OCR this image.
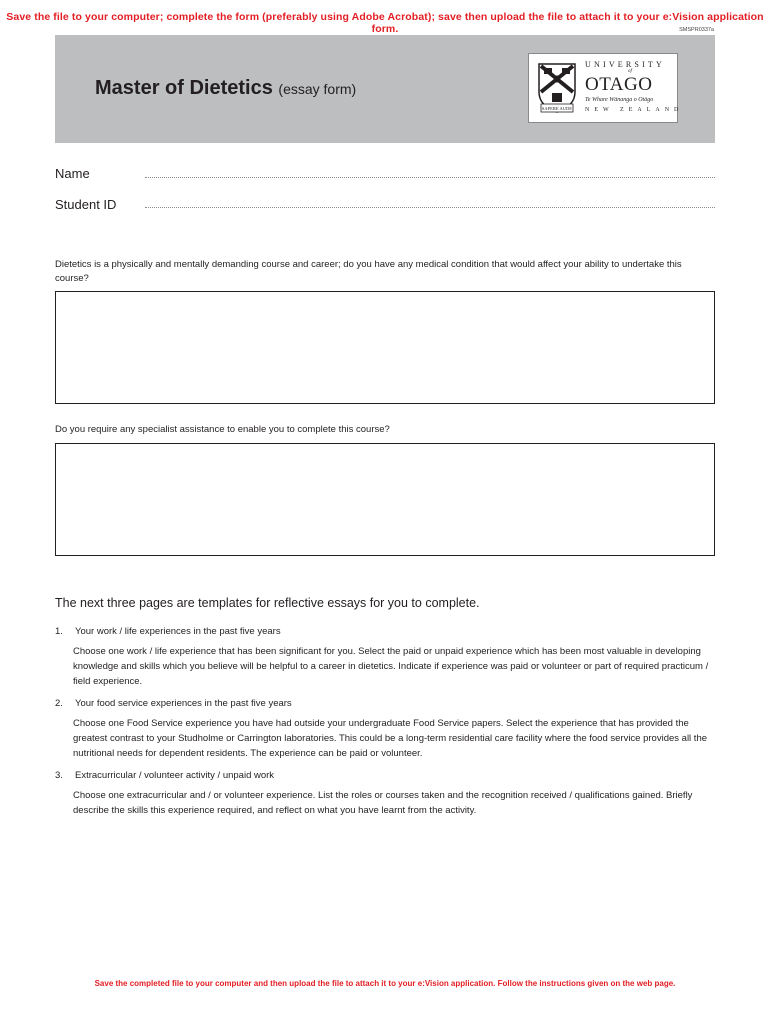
Save the file to your computer; complete the form (preferably using Adobe Acrobat); save then upload the file to attach it to your e:Vision application form.	SMSPR0337a
Master of Dietetics (essay form)
SAPERE AUDE
UNIVERSITY
of
OTAGO
Te Whare Wānanga o Otāgo
NEW ZEALAND
Name
Student ID
Dietetics is a physically and mentally demanding course and career; do you have any medical condition that would affect your ability to undertake this course?
Do you require any specialist assistance to enable you to complete this course?
The next three pages are templates for reflective essays for you to complete.
1. Your work / life experiences in the past five years
Choose one work / life experience that has been significant for you. Select the paid or unpaid experience which has been most valuable in developing knowledge and skills which you believe will be helpful to a career in dietetics. Indicate if experience was paid or volunteer or part of required practicum / field experience.
2. Your food service experiences in the past five years
Choose one Food Service experience you have had outside your undergraduate Food Service papers. Select the experience that has provided the greatest contrast to your Studholme or Carrington laboratories. This could be a long-term residential care facility where the food service provides all the nutritional needs for dependent residents. The experience can be paid or volunteer.
3. Extracurricular / volunteer activity / unpaid work
Choose one extracurricular and / or volunteer experience. List the roles or courses taken and the recognition received / qualifications gained. Briefly describe the skills this experience required, and reflect on what you have learnt from the activity.
Save the completed file to your computer and then upload the file to attach it to your e:Vision application. Follow the instructions given on the web page.
